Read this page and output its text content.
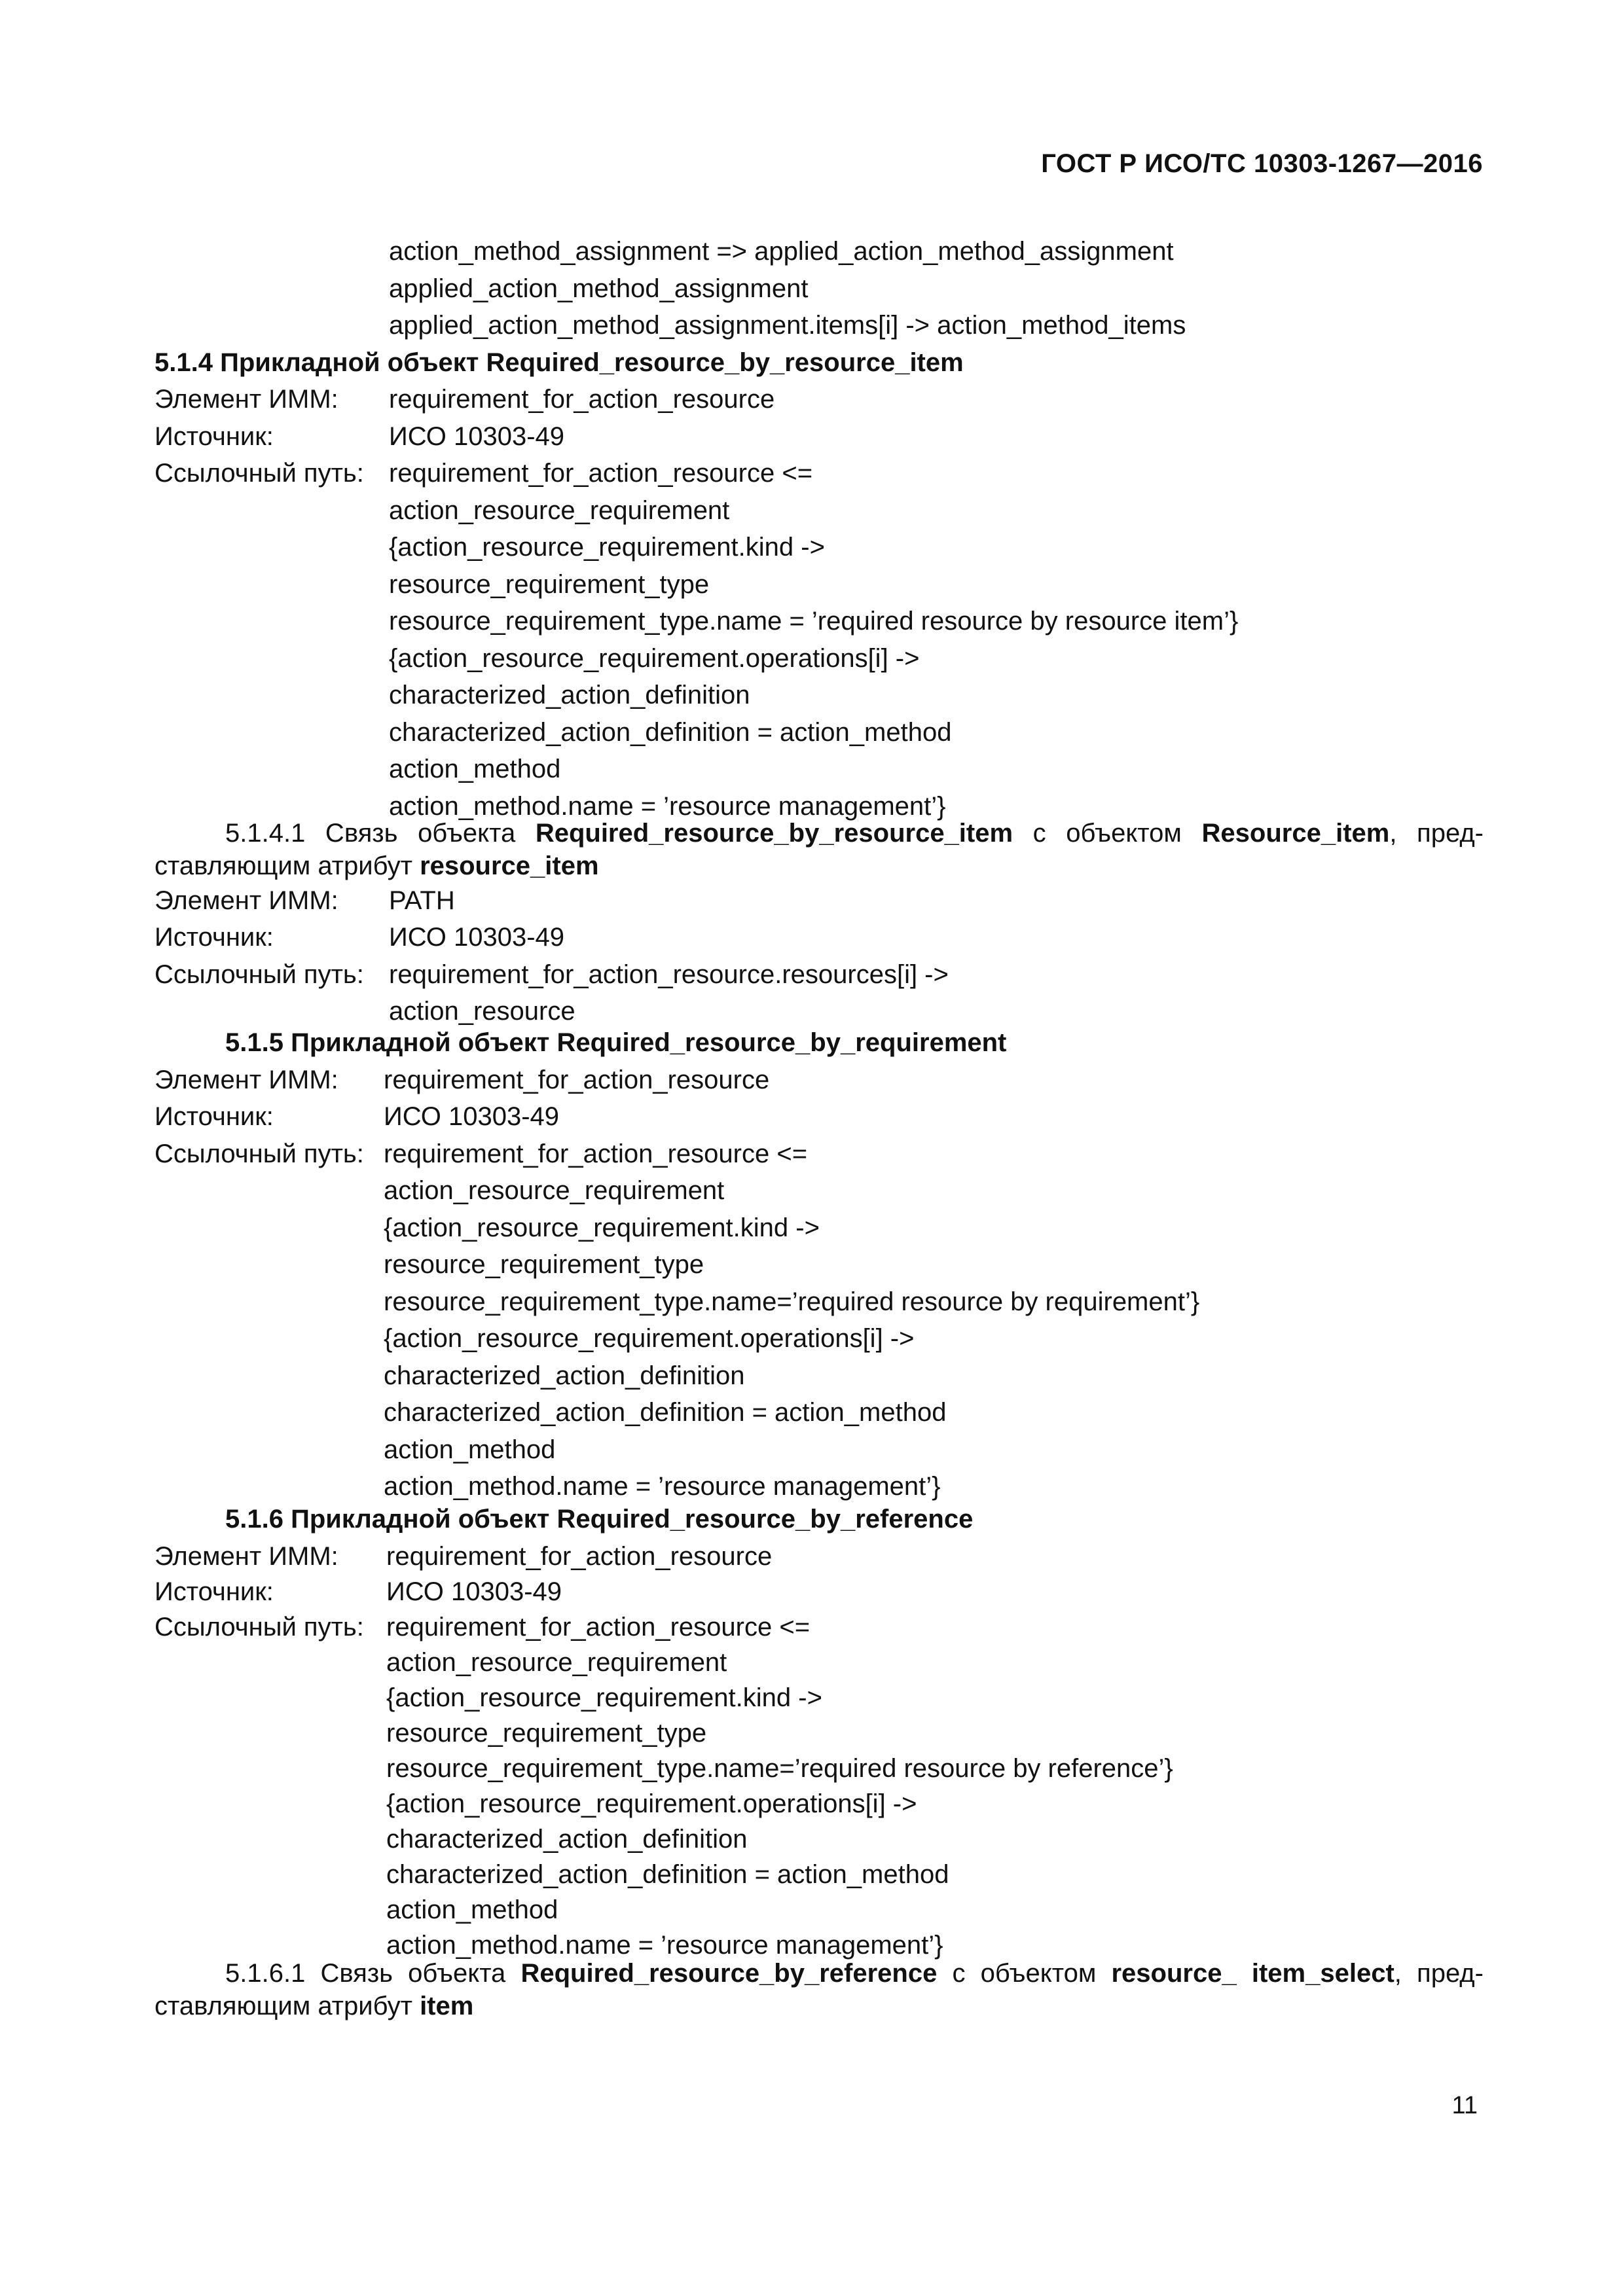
ГОСТ Р ИСО/ТС 10303-1267—2016
action_method_assignment => applied_action_method_assignment
applied_action_method_assignment
applied_action_method_assignment.items[i] -> action_method_items
5.1.4 Прикладной объект Required_resource_by_resource_item
Элемент ИММ:	requirement_for_action_resource
Источник:	ИСО 10303-49
Ссылочный путь: requirement_for_action_resource <=
action_resource_requirement
{action_resource_requirement.kind ->
resource_requirement_type
resource_requirement_type.name = ’required resource by resource item’}
{action_resource_requirement.operations[i] ->
characterized_action_definition
characterized_action_definition = action_method
action_method
action_method.name = ’resource management’}
5.1.4.1 Связь объекта Required_resource_by_resource_item с объектом Resource_item, пред-ставляющим атрибут resource_item
Элемент ИММ:	PATH
Источник:	ИСО 10303-49
Ссылочный путь: requirement_for_action_resource.resources[i] ->
action_resource
5.1.5 Прикладной объект Required_resource_by_requirement
Элемент ИММ:	requirement_for_action_resource
Источник:	ИСО 10303-49
Ссылочный путь: requirement_for_action_resource <=
action_resource_requirement
{action_resource_requirement.kind ->
resource_requirement_type
resource_requirement_type.name=’required resource by requirement’}
{action_resource_requirement.operations[i] ->
characterized_action_definition
characterized_action_definition = action_method
action_method
action_method.name = ’resource management’}
5.1.6 Прикладной объект Required_resource_by_reference
Элемент ИММ:	requirement_for_action_resource
Источник:	ИСО 10303-49
Ссылочный путь: requirement_for_action_resource <=
action_resource_requirement
{action_resource_requirement.kind ->
resource_requirement_type
resource_requirement_type.name=’required resource by reference’}
{action_resource_requirement.operations[i] ->
characterized_action_definition
characterized_action_definition = action_method
action_method
action_method.name = ’resource management’}
5.1.6.1 Связь объекта Required_resource_by_reference с объектом resource_ item_select, пред-ставляющим атрибут item
11
